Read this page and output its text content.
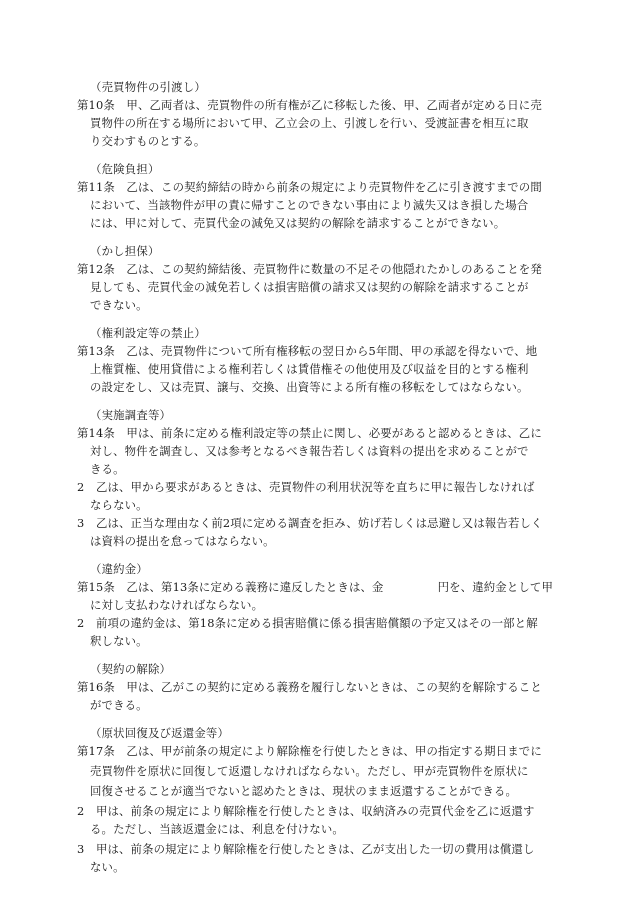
（売買物件の引渡し）
第10条　甲、乙両者は、売買物件の所有権が乙に移転した後、甲、乙両者が定める日に売
買物件の所在する場所において甲、乙立会の上、引渡しを行い、受渡証書を相互に取
り交わすものとする。
（危険負担）
第11条　乙は、この契約締結の時から前条の規定により売買物件を乙に引き渡すまでの間
において、当該物件が甲の責に帰すことのできない事由により滅失又はき損した場合
には、甲に対して、売買代金の減免又は契約の解除を請求することができない。
（かし担保）
第12条　乙は、この契約締結後、売買物件に数量の不足その他隠れたかしのあることを発
見しても、売買代金の減免若しくは損害賠償の請求又は契約の解除を請求することが
できない。
（権利設定等の禁止）
第13条　乙は、売買物件について所有権移転の翌日から5年間、甲の承認を得ないで、地
上権質権、使用貸借による権利若しくは賃借権その他使用及び収益を目的とする権利
の設定をし、又は売買、譲与、交換、出資等による所有権の移転をしてはならない。
（実施調査等）
第14条　甲は、前条に定める権利設定等の禁止に関し、必要があると認めるときは、乙に
対し、物件を調査し、又は参考となるべき報告若しくは資料の提出を求めることがで
きる。
2　乙は、甲から要求があるときは、売買物件の利用状況等を直ちに甲に報告しなければ
ならない。
3　乙は、正当な理由なく前2項に定める調査を拒み、妨げ若しくは忌避し又は報告若しく
は資料の提出を怠ってはならない。
（違約金）
第15条　乙は、第13条に定める義務に違反したときは、金	円を、違約金として甲
に対し支払わなければならない。
2　前項の違約金は、第18条に定める損害賠償に係る損害賠償額の予定又はその一部と解
釈しない。
（契約の解除）
第16条　甲は、乙がこの契約に定める義務を履行しないときは、この契約を解除すること
ができる。
（原状回復及び返還金等）
第17条　乙は、甲が前条の規定により解除権を行使したときは、甲の指定する期日までに
売買物件を原状に回復して返還しなければならない。ただし、甲が売買物件を原状に
回復させることが適当でないと認めたときは、現状のまま返還することができる。
2　甲は、前条の規定により解除権を行使したときは、収納済みの売買代金を乙に返還す
る。ただし、当該返還金には、利息を付けない。
3　甲は、前条の規定により解除権を行使したときは、乙が支出した一切の費用は償還し
ない。
